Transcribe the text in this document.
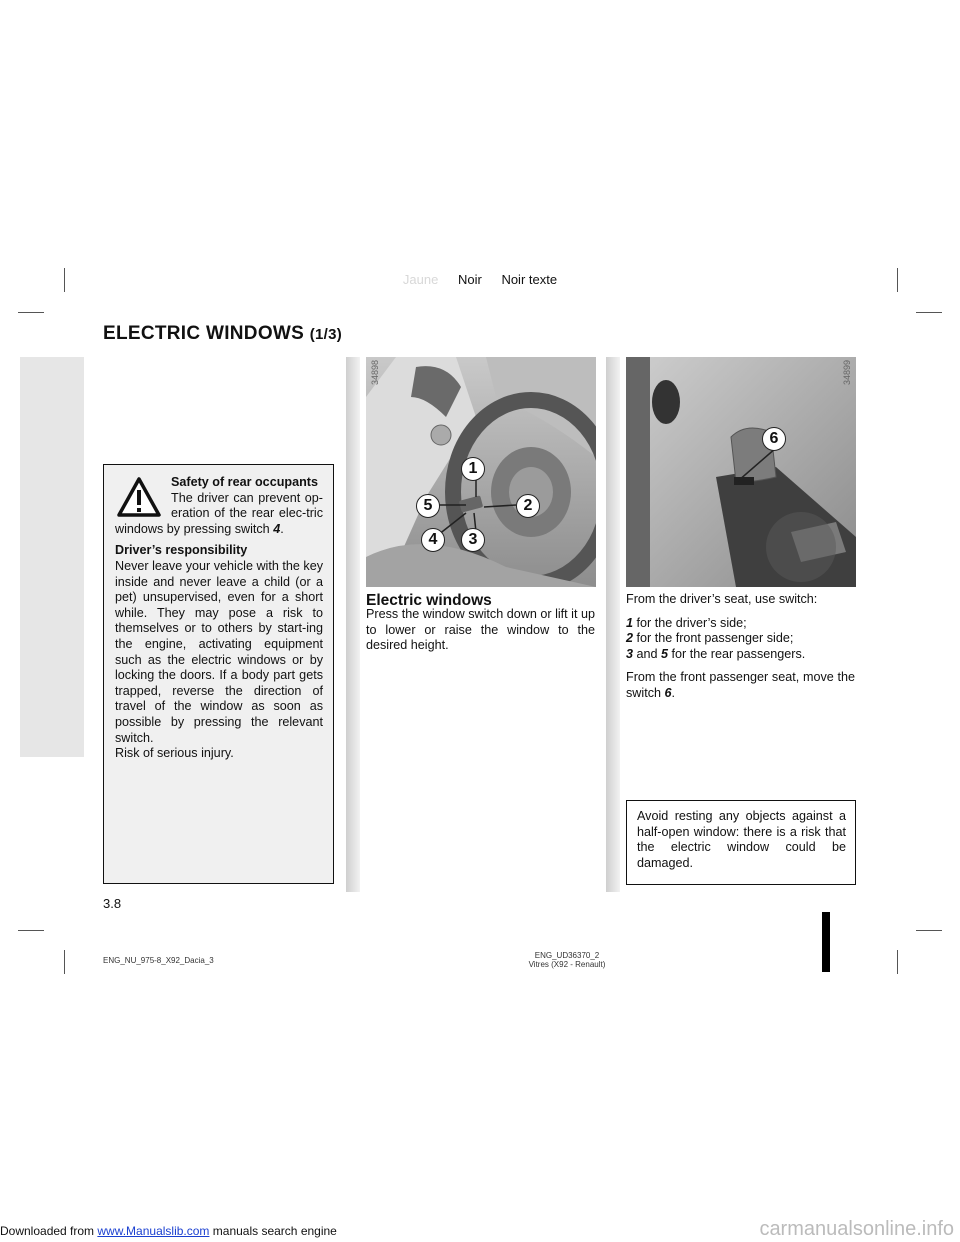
Jaune Noir Noir texte
ELECTRIC WINDOWS (1/3)

Safety of rear occupants
The driver can prevent op-eration of the rear elec-tric windows by pressing switch 4.

Driver’s responsibility
Never leave your vehicle with the key inside and never leave a child (or a pet) unsupervised, even for a short while. They may pose a risk to themselves or to others by start-ing the engine, activating equipment such as the electric windows or by locking the doors. If a body part gets trapped, reverse the direction of travel of the window as soon as possible by pressing the relevant switch.
Risk of serious injury.

34898
1
2
3
4
5
34899
6
Electric windows

Press the window switch down or lift it up to lower or raise the window to the desired height.

From the driver’s seat, use switch:

1 for the driver’s side;
2 for the front passenger side;
3 and 5 for the rear passengers.

From the front passenger seat, move the switch 6.

Avoid resting any objects against a half-open window: there is a risk that the electric window could be damaged.
3.8
ENG_NU_975-8_X92_Dacia_3
ENG_UD36370_2
Vitres (X92 - Renault)
Downloaded from www.Manualslib.com manuals search engine	carmanualsonline.info
